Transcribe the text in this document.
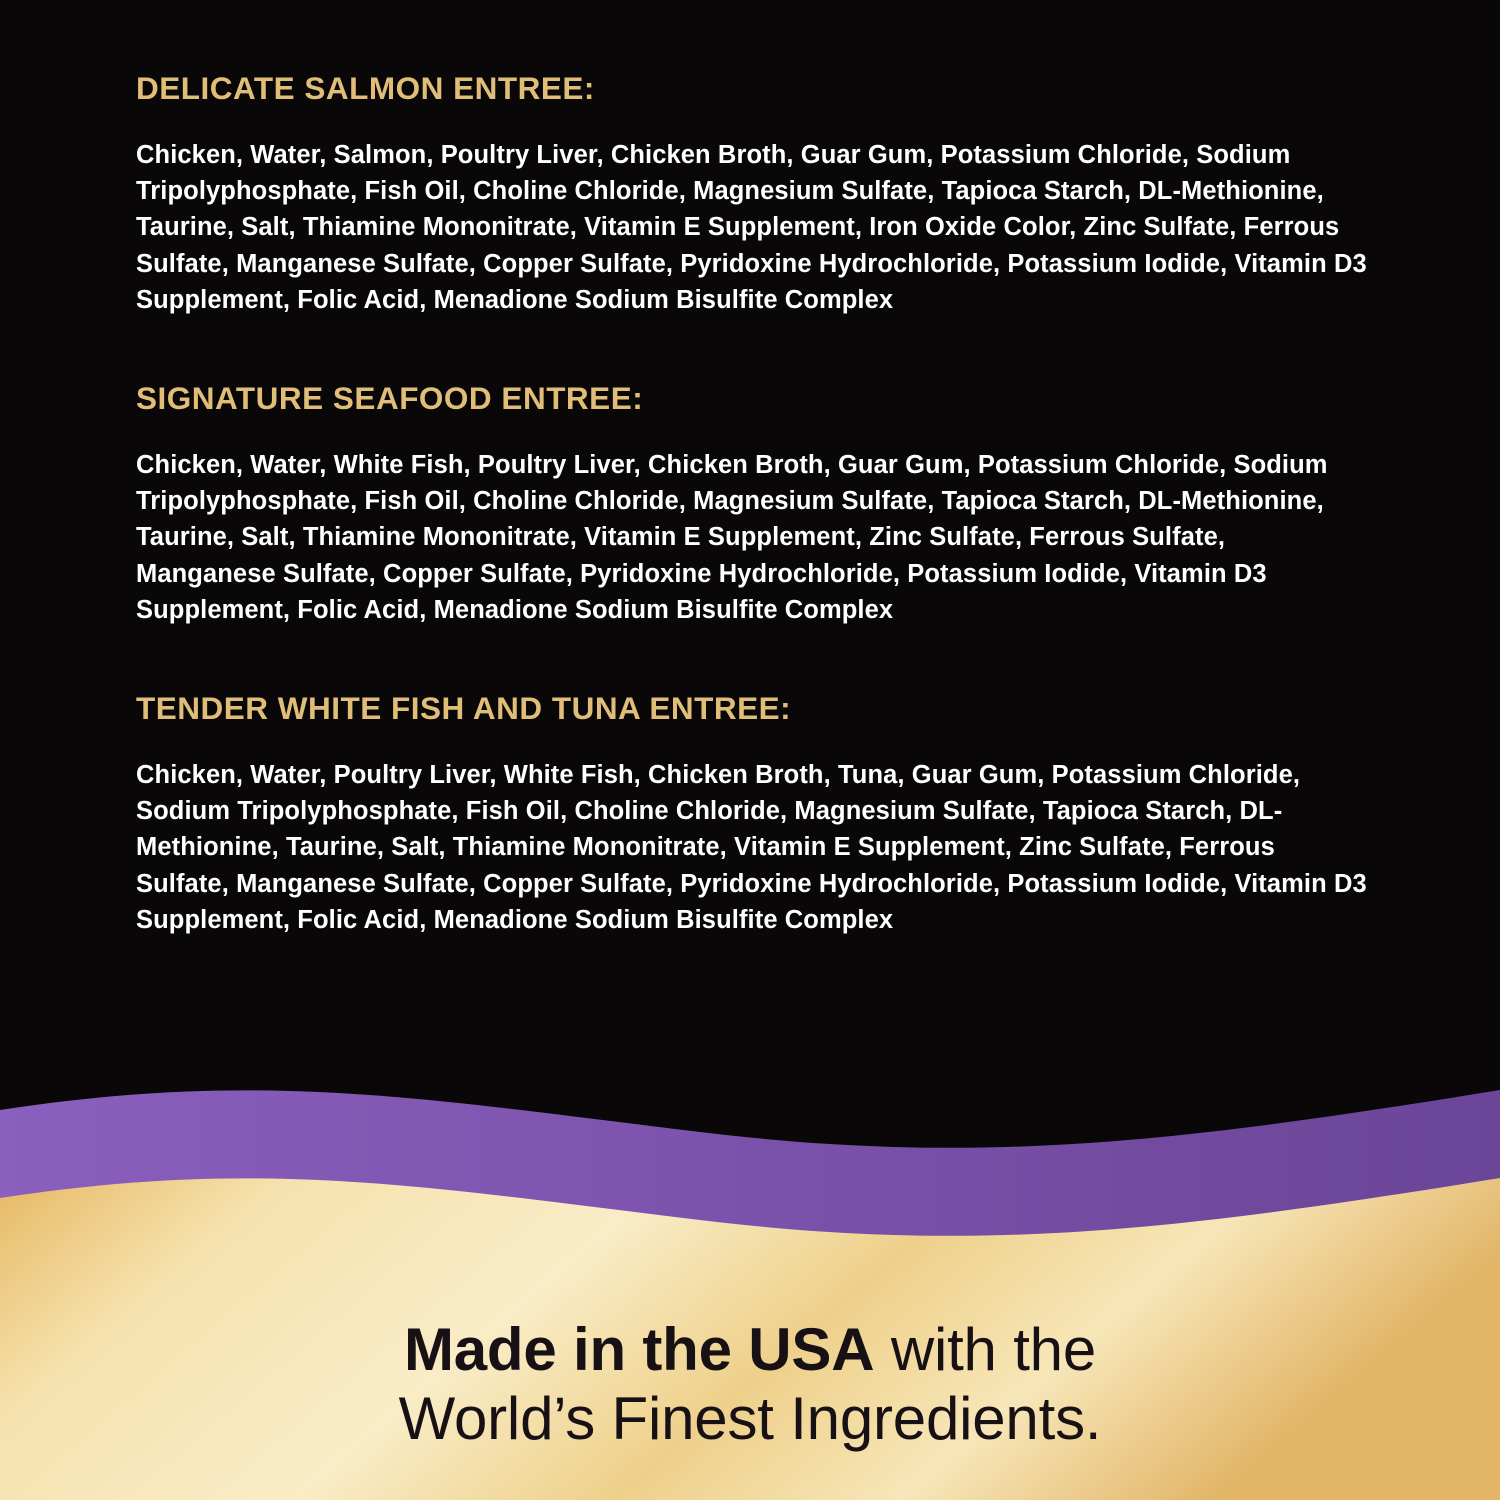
DELICATE SALMON ENTREE:

Chicken, Water, Salmon, Poultry Liver, Chicken Broth, Guar Gum, Potassium Chloride, Sodium Tripolyphosphate, Fish Oil, Choline Chloride, Magnesium Sulfate, Tapioca Starch, DL-Methionine, Taurine, Salt, Thiamine Mononitrate, Vitamin E Supplement, Iron Oxide Color, Zinc Sulfate, Ferrous Sulfate, Manganese Sulfate, Copper Sulfate, Pyridoxine Hydrochloride, Potassium Iodide, Vitamin D3 Supplement, Folic Acid, Menadione Sodium Bisulfite Complex

SIGNATURE SEAFOOD ENTREE:

Chicken, Water, White Fish, Poultry Liver, Chicken Broth, Guar Gum, Potassium Chloride, Sodium Tripolyphosphate, Fish Oil, Choline Chloride, Magnesium Sulfate, Tapioca Starch, DL-Methionine, Taurine, Salt, Thiamine Mononitrate, Vitamin E Supplement, Zinc Sulfate, Ferrous Sulfate, Manganese Sulfate, Copper Sulfate, Pyridoxine Hydrochloride, Potassium Iodide, Vitamin D3 Supplement, Folic Acid, Menadione Sodium Bisulfite Complex

TENDER WHITE FISH AND TUNA ENTREE:

Chicken, Water, Poultry Liver, White Fish, Chicken Broth, Tuna, Guar Gum, Potassium Chloride, Sodium Tripolyphosphate, Fish Oil, Choline Chloride, Magnesium Sulfate, Tapioca Starch, DL-Methionine, Taurine, Salt, Thiamine Mononitrate, Vitamin E Supplement, Zinc Sulfate, Ferrous Sulfate, Manganese Sulfate, Copper Sulfate, Pyridoxine Hydrochloride, Potassium Iodide, Vitamin D3 Supplement, Folic Acid, Menadione Sodium Bisulfite Complex

Made in the USA with the
World’s Finest Ingredients.
